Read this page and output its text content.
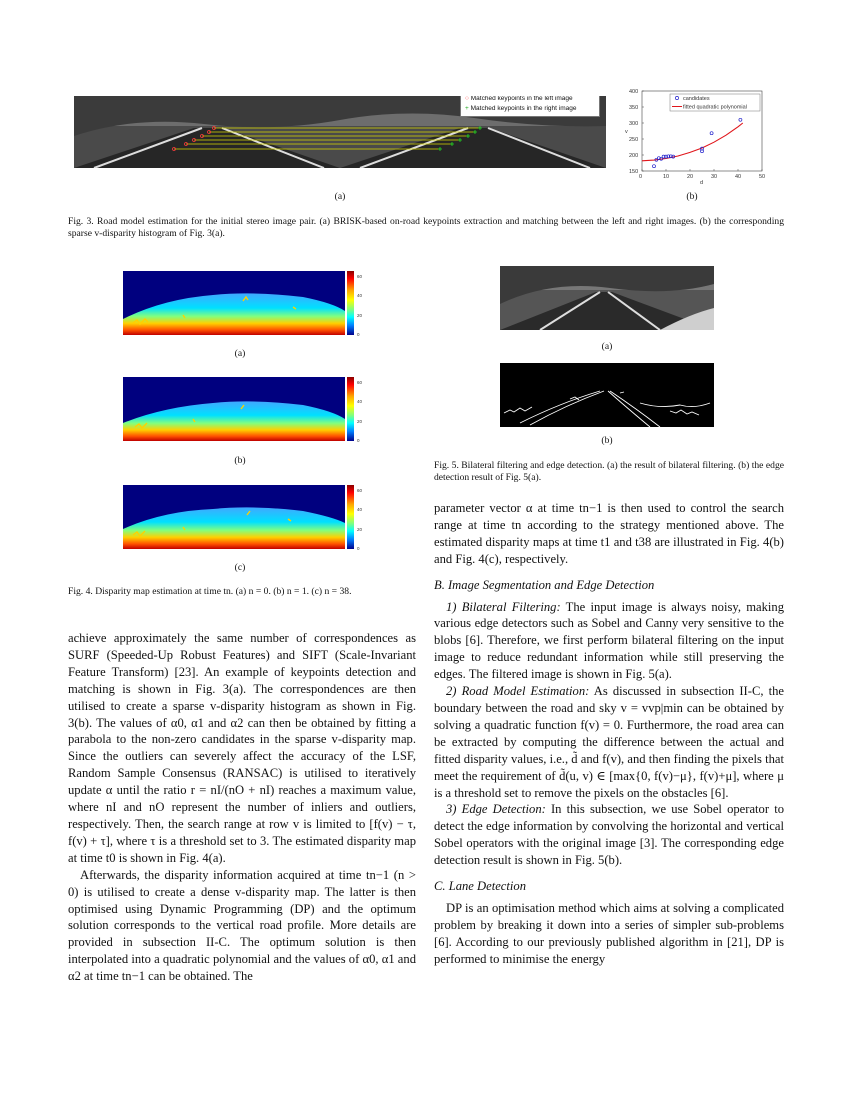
○ Matched keypoints in the left image
+ Matched keypoints in the right image
(a)
0	10	20	30	40	50
150
200
250
300
350
400
v
d
candidates
fitted quadratic polynomial
(b)
Fig. 3. Road model estimation for the initial stereo image pair. (a) BRISK-based on-road keypoints extraction and matching between the left and right images. (b) the corresponding sparse v-disparity histogram of Fig. 3(a).
60
40
20
0
(a)
60
40
20
0
(b)
60
40
20
0
(c)
Fig. 4. Disparity map estimation at time tn. (a) n = 0. (b) n = 1. (c) n = 38.
(a)
(b)
Fig. 5. Bilateral filtering and edge detection. (a) the result of bilateral filtering. (b) the edge detection result of Fig. 5(a).

achieve approximately the same number of correspondences as SURF (Speeded-Up Robust Features) and SIFT (Scale-Invariant Feature Transform) [23]. An example of keypoints detection and matching is shown in Fig. 3(a). The correspondences are then utilised to create a sparse v-disparity histogram as shown in Fig. 3(b). The values of α0, α1 and α2 can then be obtained by fitting a parabola to the non-zero candidates in the sparse v-disparity map. Since the outliers can severely affect the accuracy of the LSF, Random Sample Consensus (RANSAC) is utilised to iteratively update α until the ratio r = nI/(nO + nI) reaches a maximum value, where nI and nO represent the number of inliers and outliers, respectively. Then, the search range at row v is limited to [f(v) − τ, f(v) + τ], where τ is a threshold set to 3. The estimated disparity map at time t0 is shown in Fig. 4(a).

Afterwards, the disparity information acquired at time tn−1 (n > 0) is utilised to create a dense v-disparity map. The latter is then optimised using Dynamic Programming (DP) and the optimum solution corresponds to the vertical road profile. More details are provided in subsection II-C. The optimum solution is then interpolated into a quadratic polynomial and the values of α0, α1 and α2 at time tn−1 can be obtained. The

parameter vector α at time tn−1 is then used to control the search range at time tn according to the strategy mentioned above. The estimated disparity maps at time t1 and t38 are illustrated in Fig. 4(b) and Fig. 4(c), respectively.

B. Image Segmentation and Edge Detection

1) Bilateral Filtering: The input image is always noisy, making various edge detectors such as Sobel and Canny very sensitive to the blobs [6]. Therefore, we first perform bilateral filtering on the input image to reduce redundant information while still preserving the edges. The filtered image is shown in Fig. 5(a).

2) Road Model Estimation: As discussed in subsection II-C, the boundary between the road and sky v = vvp|min can be obtained by solving a quadratic function f(v) = 0. Furthermore, the road area can be extracted by computing the difference between the actual and fitted disparity values, i.e., d̃ and f(v), and then finding the pixels that meet the requirement of d̃(u, v) ∈ [max{0, f(v)−μ}, f(v)+μ], where μ is a threshold set to remove the pixels on the obstacles [6].

3) Edge Detection: In this subsection, we use Sobel operator to detect the edge information by convolving the horizontal and vertical Sobel operators with the original image [3]. The corresponding edge detection result is shown in Fig. 5(b).

C. Lane Detection

DP is an optimisation method which aims at solving a complicated problem by breaking it down into a series of simpler sub-problems [6]. According to our previously published algorithm in [21], DP is performed to minimise the energy
